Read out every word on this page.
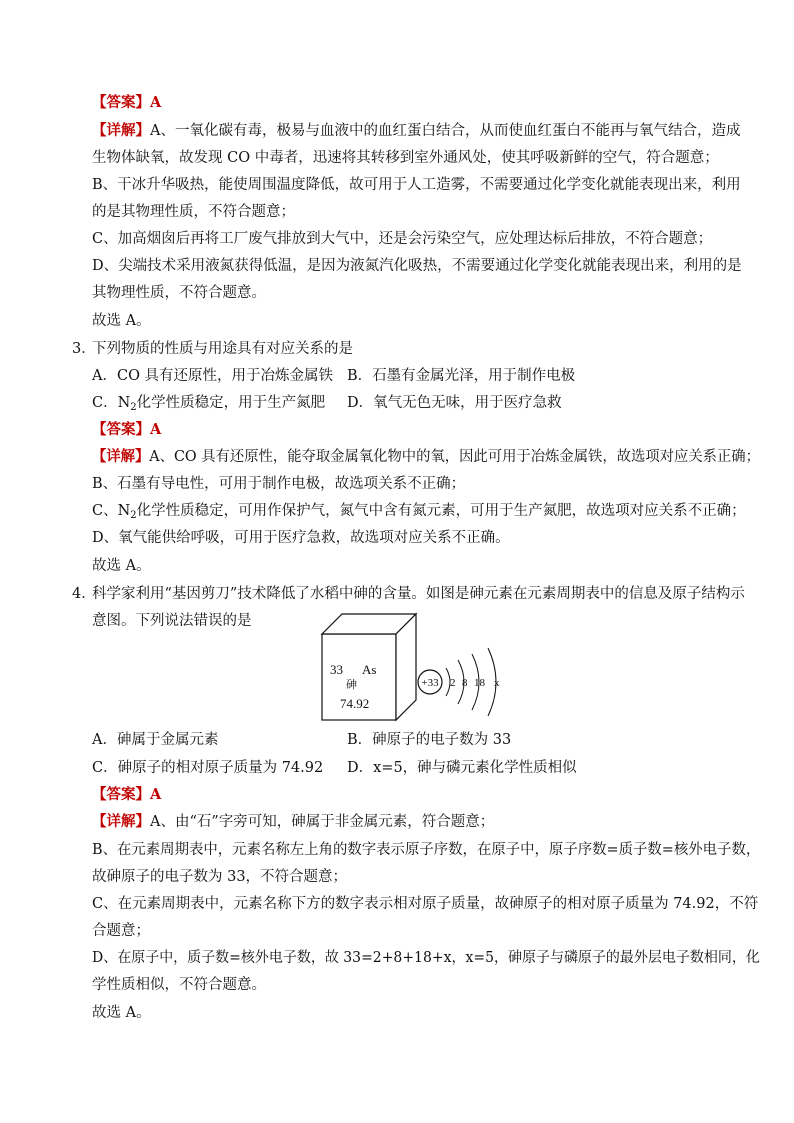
【答案】A
【详解】A、一氧化碳有毒，极易与血液中的血红蛋白结合，从而使血红蛋白不能再与氧气结合，造成
生物体缺氧，故发现 CO 中毒者，迅速将其转移到室外通风处，使其呼吸新鲜的空气，符合题意；
B、干冰升华吸热，能使周围温度降低，故可用于人工造雾，不需要通过化学变化就能表现出来，利用
的是其物理性质，不符合题意；
C、加高烟囱后再将工厂废气排放到大气中，还是会污染空气，应处理达标后排放，不符合题意；
D、尖端技术采用液氮获得低温，是因为液氮汽化吸热，不需要通过化学变化就能表现出来，利用的是
其物理性质，不符合题意。
故选 A。
3．
下列物质的性质与用途具有对应关系的是
A．CO 具有还原性，用于冶炼金属铁 B．石墨有金属光泽，用于制作电极
C．$N_2$化学性质稳定，用于生产氮肥 D．氧气无色无味，用于医疗急救
【答案】A
【详解】A、CO 具有还原性，能夺取金属氧化物中的氧，因此可用于冶炼金属铁，故选项对应关系正确；
B、石墨有导电性，可用于制作电极，故选项关系不正确；
C、$N_2$化学性质稳定，可用作保护气，氮气中含有氮元素，可用于生产氮肥，故选项对应关系不正确；
D、氧气能供给呼吸，可用于医疗急救，故选项对应关系不正确。
故选 A。
4．
科学家利用“基因剪刀”技术降低了水稻中砷的含量。如图是砷元素在元素周期表中的信息及原子结构示
意图。下列说法错误的是
33 As
砷
74.92
+33 2 8 18 x
A．砷属于金属元素	B．砷原子的电子数为 33
C．砷原子的相对原子质量为 74.92 D．x=5，砷与磷元素化学性质相似
【答案】A
【详解】A、由“石”字旁可知，砷属于非金属元素，符合题意；
B、在元素周期表中，元素名称左上角的数字表示原子序数，在原子中，原子序数=质子数=核外电子数，
故砷原子的电子数为 33，不符合题意；
C、在元素周期表中，元素名称下方的数字表示相对原子质量，故砷原子的相对原子质量为 74.92，不符
合题意；
D、在原子中，质子数=核外电子数，故 33=2+8+18+x，x=5，砷原子与磷原子的最外层电子数相同，化
学性质相似，不符合题意。
故选 A。
